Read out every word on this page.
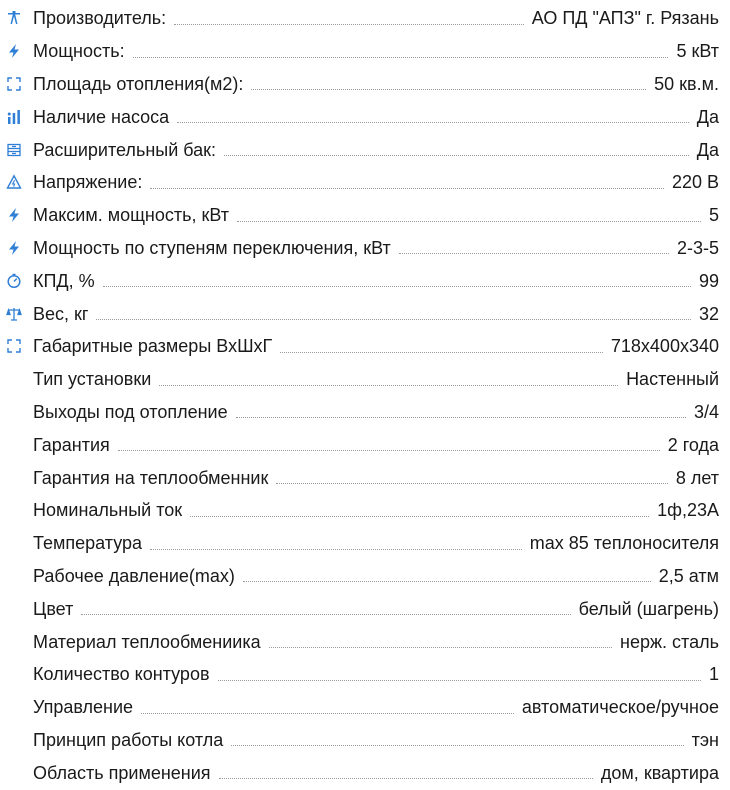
Производитель:	АО ПД "АПЗ" г. Рязань
Мощность:	5 кВт
Площадь отопления(м2):	50 кв.м.
Наличие насоса	Да
Расширительный бак:	Да
Напряжение:	220 В
Максим. мощность, кВт	5
Мощность по ступеням переключения, кВт	2-3-5
КПД, %	99
Вес, кг	32
Габаритные размеры ВхШхГ	718x400x340
Тип установки	Настенный
Выходы под отопление	3/4
Гарантия	2 года
Гарантия на теплообменник	8 лет
Номинальный ток	1ф,23А
Температура	max 85 теплоносителя
Рабочее давление(max)	2,5 атм
Цвет	белый (шагрень)
Материал теплообмениика	нерж. сталь
Количество контуров	1
Управление	автоматическое/ручное
Принцип работы котла	тэн
Область применения	дом, квартира
